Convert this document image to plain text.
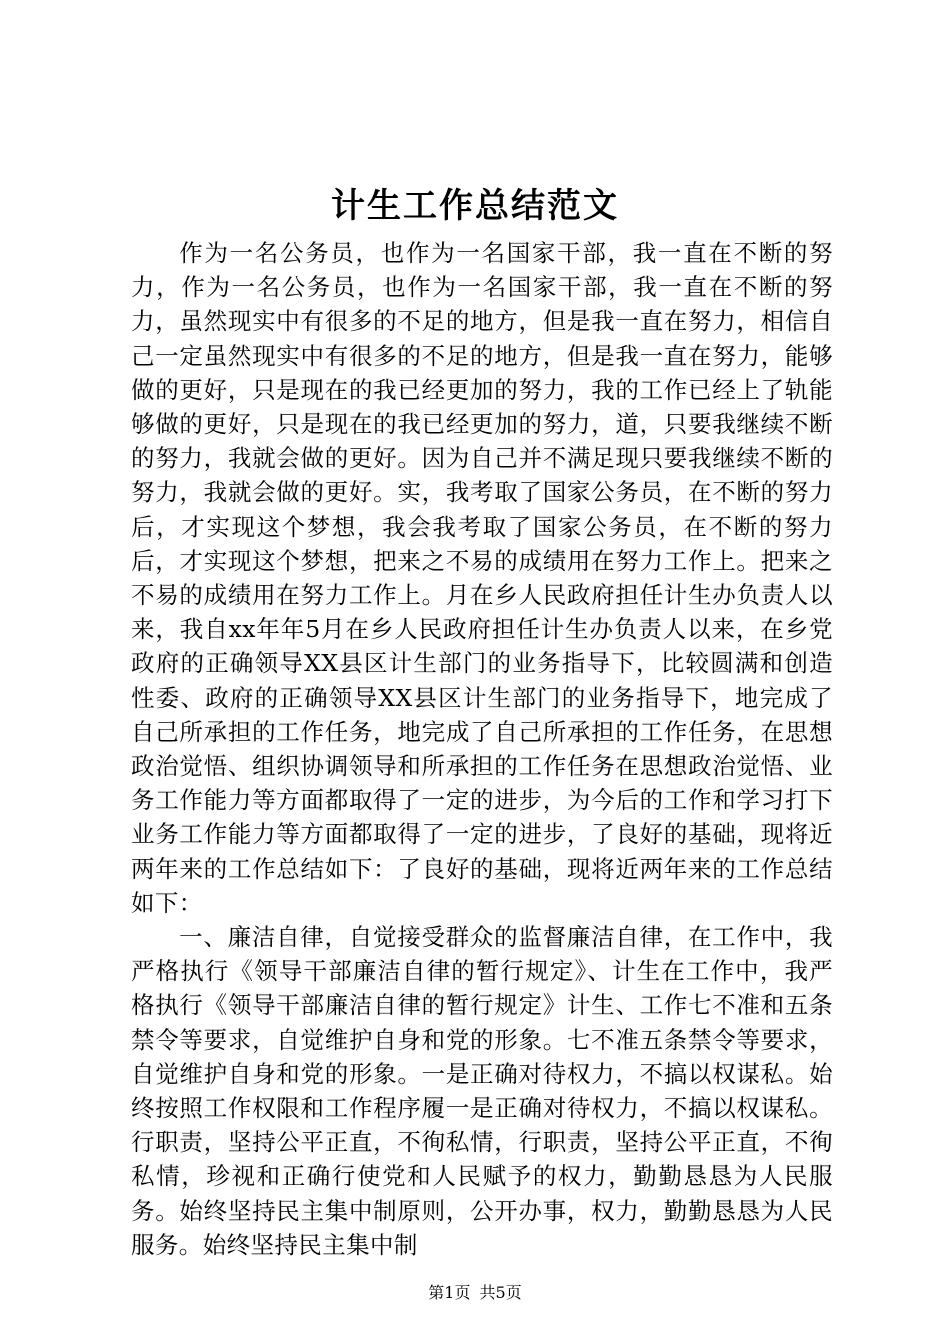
计生工作总结范文

作为一名公务员，也作为一名国家干部，我一直在不断的努力，作为一名公务员，也作为一名国家干部，我一直在不断的努力，虽然现实中有很多的不足的地方，但是我一直在努力，相信自己一定虽然现实中有很多的不足的地方，但是我一直在努力，能够做的更好，只是现在的我已经更加的努力，我的工作已经上了轨能够做的更好，只是现在的我已经更加的努力，道，只要我继续不断的努力，我就会做的更好。因为自己并不满足现只要我继续不断的努力，我就会做的更好。实，我考取了国家公务员，在不断的努力后，才实现这个梦想，我会我考取了国家公务员，在不断的努力后，才实现这个梦想，把来之不易的成绩用在努力工作上。把来之不易的成绩用在努力工作上。月在乡人民政府担任计生办负责人以来，我自xx年年5月在乡人民政府担任计生办负责人以来，在乡党政府的正确领导XX县区计生部门的业务指导下，比较圆满和创造性委、政府的正确领导XX县区计生部门的业务指导下，地完成了自己所承担的工作任务，地完成了自己所承担的工作任务，在思想政治觉悟、组织协调领导和所承担的工作任务在思想政治觉悟、业务工作能力等方面都取得了一定的进步，为今后的工作和学习打下业务工作能力等方面都取得了一定的进步，了良好的基础，现将近两年来的工作总结如下：了良好的基础，现将近两年来的工作总结如下：

一、廉洁自律，自觉接受群众的监督廉洁自律，在工作中，我严格执行《领导干部廉洁自律的暂行规定》、计生在工作中，我严格执行《领导干部廉洁自律的暂行规定》计生、工作七不准和五条禁令等要求，自觉维护自身和党的形象。七不准五条禁令等要求，自觉维护自身和党的形象。一是正确对待权力，不搞以权谋私。始终按照工作权限和工作程序履一是正确对待权力，不搞以权谋私。行职责，坚持公平正直，不徇私情，行职责，坚持公平正直，不徇私情，珍视和正确行使党和人民赋予的权力，勤勤恳恳为人民服务。始终坚持民主集中制原则，公开办事，权力，勤勤恳恳为人民服务。始终坚持民主集中制

第1页 共5页
